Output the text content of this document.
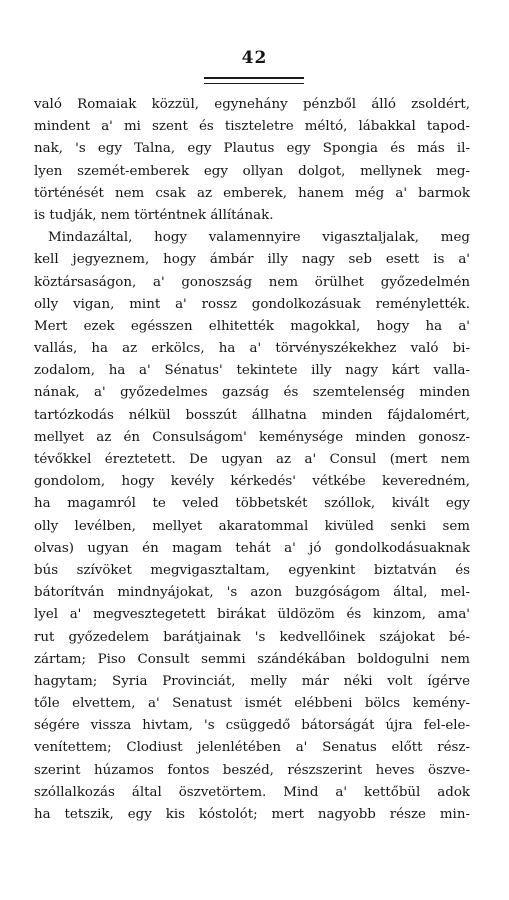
42
való Romaiak közzül, egynehány pénzből álló zsoldért,
mindent a' mi szent és tiszteletre méltó, lábakkal tapod-
nak, 's egy Talna, egy Plautus egy Spongia és más il-
lyen szemét-emberek egy ollyan dolgot, mellynek meg-
történését nem csak az emberek, hanem még a' barmok
is tudják, nem történtnek állítának.
Mindazáltal, hogy valamennyire vigasztaljalak, meg
kell jegyeznem, hogy ámbár illy nagy seb esett is a'
köztársaságon, a' gonoszság nem örülhet győzedelmén
olly vigan, mint a' rossz gondolkozásuak reménylették.
Mert ezek egésszen elhitették magokkal, hogy ha a'
vallás, ha az erkölcs, ha a' törvényszékekhez való bi-
zodalom, ha a' Sénatus' tekintete illy nagy kárt valla-
nának, a' győzedelmes gazság és szemtelenség minden
tartózkodás nélkül bosszút állhatna minden fájdalomért,
mellyet az én Consulságom' keménysége minden gonosz-
tévőkkel éreztetett. De ugyan az a' Consul (mert nem
gondolom, hogy kevély kérkedés' vétkébe keveredném,
ha magamról te veled többetskét szóllok, kivált egy
olly levélben, mellyet akaratommal kivüled senki sem
olvas) ugyan én magam tehát a' jó gondolkodásuaknak
bús szívöket megvigasztaltam, egyenkint biztatván és
bátorítván mindnyájokat, 's azon buzgóságom által, mel-
lyel a' megvesztegetett birákat üldözöm és kinzom, ama'
rut győzedelem barátjainak 's kedvellőinek szájokat bé-
zártam; Piso Consult semmi szándékában boldogulni nem
hagytam; Syria Provinciát, melly már néki volt ígérve
tőle elvettem, a' Senatust ismét elébbeni bölcs kemény-
ségére vissza hivtam, 's csüggedő bátorságát újra fel-ele-
venítettem; Clodiust jelenlétében a' Senatus előtt rész-
szerint húzamos fontos beszéd, részszerint heves öszve-
szóllalkozás által öszvetörtem. Mind a' kettőbül adok
ha tetszik, egy kis kóstolót; mert nagyobb része min-
